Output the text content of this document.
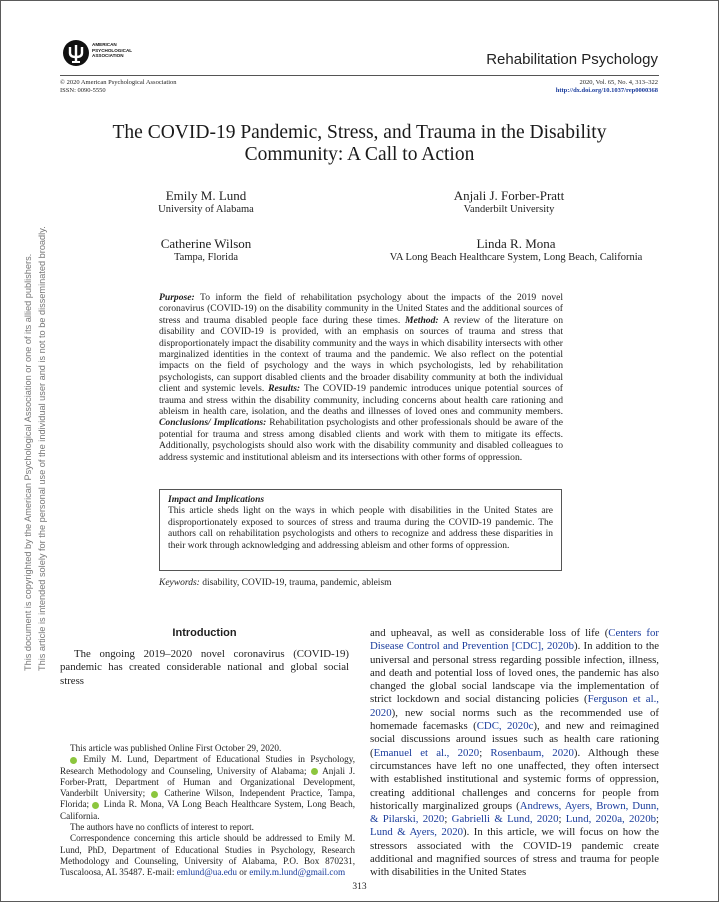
AMERICAN
PSYCHOLOGICAL
ASSOCIATION	Rehabilitation Psychology
© 2020 American Psychological Association
ISSN: 0090-5550
2020, Vol. 65, No. 4, 313–322
http://dx.doi.org/10.1037/rep0000368
The COVID-19 Pandemic, Stress, and Trauma in the Disability Community: A Call to Action
Emily M. Lund
University of Alabama
Anjali J. Forber-Pratt
Vanderbilt University
Catherine Wilson
Tampa, Florida
Linda R. Mona
VA Long Beach Healthcare System, Long Beach, California
Purpose: To inform the field of rehabilitation psychology about the impacts of the 2019 novel coronavirus (COVID-19) on the disability community in the United States and the additional sources of stress and trauma disabled people face during these times. Method: A review of the literature on disability and COVID-19 is provided, with an emphasis on sources of trauma and stress that disproportionately impact the disability community and the ways in which disability intersects with other marginalized identities in the context of trauma and the pandemic. We also reflect on the potential impacts on the field of psychology and the ways in which psychologists, led by rehabilitation psychologists, can support disabled clients and the broader disability community at both the individual client and systemic levels. Results: The COVID-19 pandemic introduces unique potential sources of trauma and stress within the disability community, including concerns about health care rationing and ableism in health care, isolation, and the deaths and illnesses of loved ones and community members. Conclusions/ Implications: Rehabilitation psychologists and other professionals should be aware of the potential for trauma and stress among disabled clients and work with them to mitigate its effects. Additionally, psychologists should also work with the disability community and disabled colleagues to address systemic and institutional ableism and its intersections with other forms of oppression.
Impact and Implications
This article sheds light on the ways in which people with disabilities in the United States are disproportionately exposed to sources of stress and trauma during the COVID-19 pandemic. The authors call on rehabilitation psychologists and others to recognize and address these disparities in their work through acknowledging and addressing ableism and other forms of oppression.
Keywords: disability, COVID-19, trauma, pandemic, ableism
Introduction
The ongoing 2019–2020 novel coronavirus (COVID-19) pandemic has created considerable national and global social stress
and upheaval, as well as considerable loss of life (Centers for Disease Control and Prevention [CDC], 2020b). In addition to the universal and personal stress regarding possible infection, illness, and death and potential loss of loved ones, the pandemic has also changed the global social landscape via the implementation of strict lockdown and social distancing policies (Ferguson et al., 2020), new social norms such as the recommended use of homemade facemasks (CDC, 2020c), and new and reimagined social discussions around issues such as health care rationing (Emanuel et al., 2020; Rosenbaum, 2020). Although these circumstances have left no one unaffected, they often intersect with established institutional and systemic forms of oppression, creating additional challenges and concerns for people from historically marginalized groups (Andrews, Ayers, Brown, Dunn, & Pilarski, 2020; Gabrielli & Lund, 2020; Lund, 2020a, 2020b; Lund & Ayers, 2020). In this article, we will focus on how the stressors associated with the COVID-19 pandemic create additional and magnified sources of stress and trauma for people with disabilities in the United States

This article was published Online First October 29, 2020.

Emily M. Lund, Department of Educational Studies in Psychology, Research Methodology and Counseling, University of Alabama; Anjali J. Forber-Pratt, Department of Human and Organizational Development, Vanderbilt University; Catherine Wilson, Independent Practice, Tampa, Florida; Linda R. Mona, VA Long Beach Healthcare System, Long Beach, California.

The authors have no conflicts of interest to report.

Correspondence concerning this article should be addressed to Emily M. Lund, PhD, Department of Educational Studies in Psychology, Research Methodology and Counseling, University of Alabama, P.O. Box 870231, Tuscaloosa, AL 35487. E-mail: emlund@ua.edu or emily.m.lund@gmail.com

313
This document is copyrighted by the American Psychological Association or one of its allied publishers. This article is intended solely for the personal use of the individual user and is not to be disseminated broadly.
